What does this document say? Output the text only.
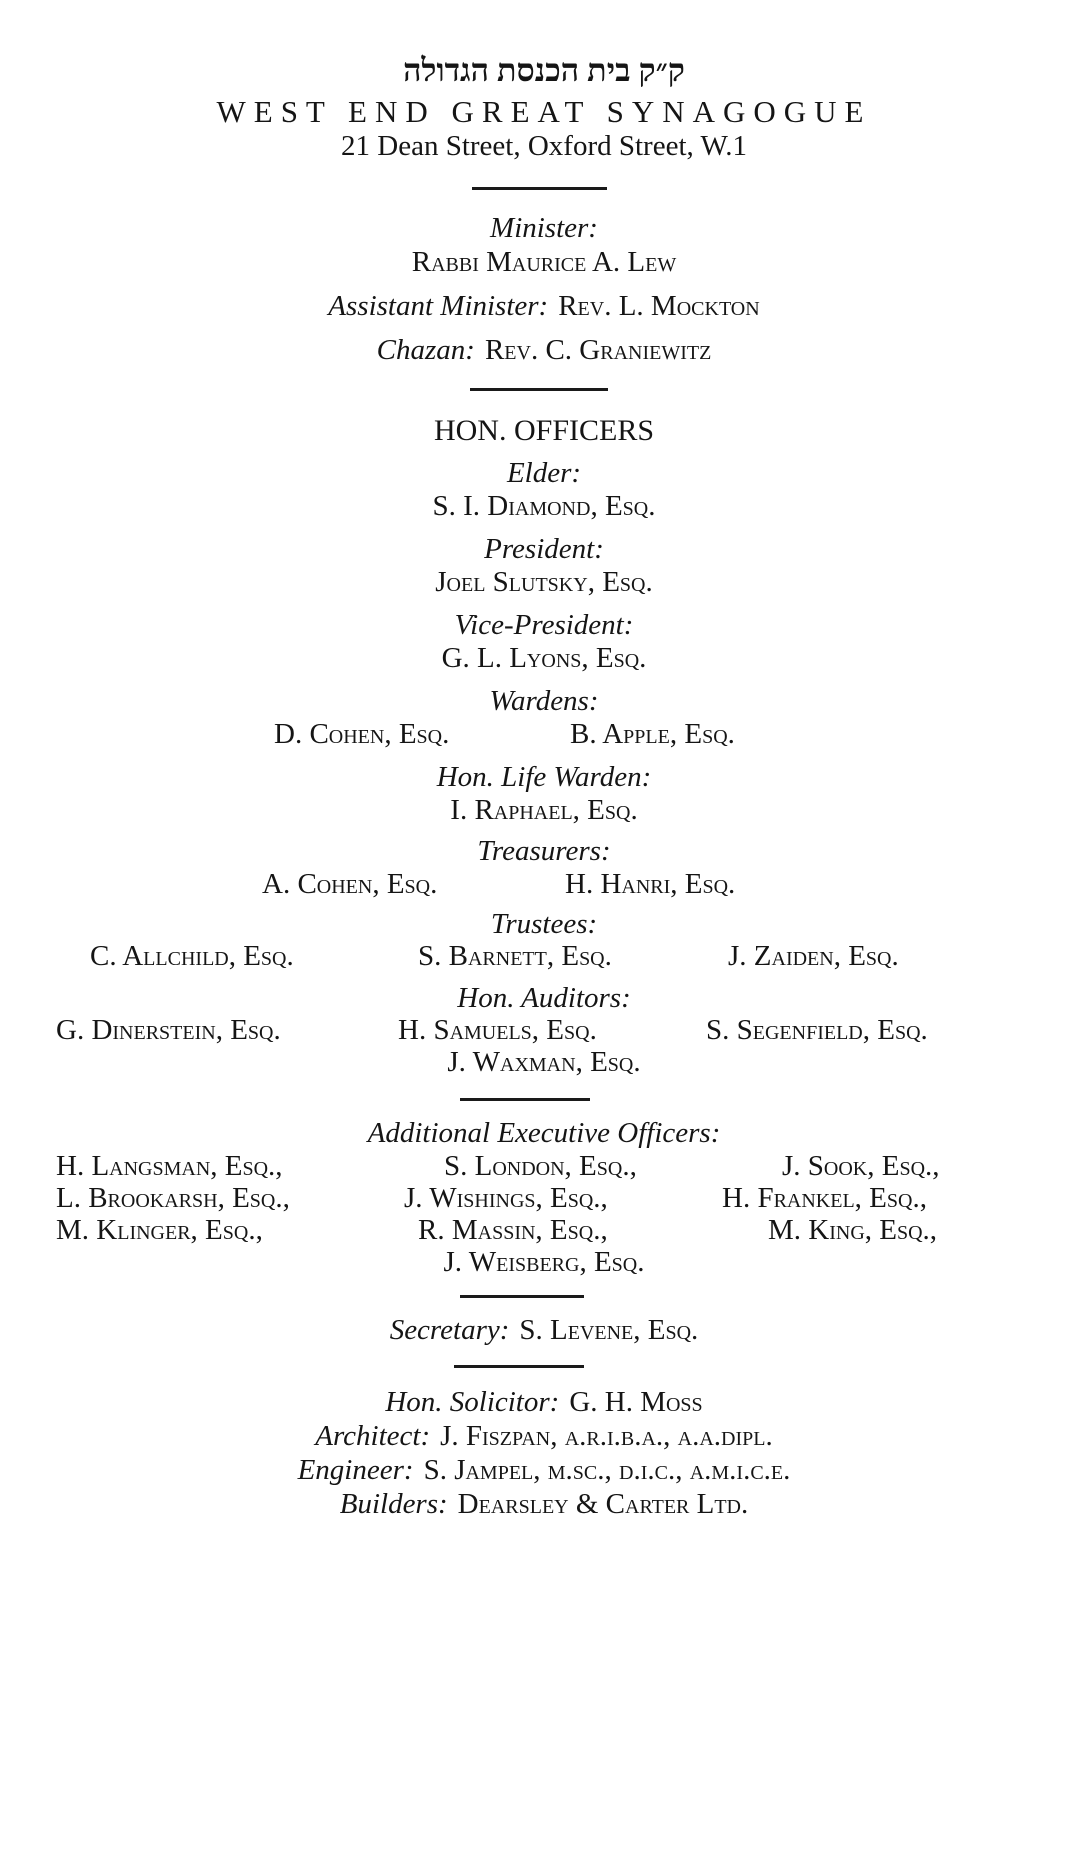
ק״ק בית הכנסת הגדולה
WEST END GREAT SYNAGOGUE
21 Dean Street, Oxford Street, W.1
Minister:
Rabbi Maurice A. Lew
Assistant Minister: Rev. L. Mockton
Chazan: Rev. C. Graniewitz
HON. OFFICERS
Elder:
S. I. Diamond, Esq.
President:
Joel Slutsky, Esq.
Vice-President:
G. L. Lyons, Esq.
Wardens:
D. Cohen, Esq.	B. Apple, Esq.
Hon. Life Warden:
I. Raphael, Esq.
Treasurers:
A. Cohen, Esq.	H. Hanri, Esq.
Trustees:
C. Allchild, Esq.	S. Barnett, Esq.	J. Zaiden, Esq.
Hon. Auditors:
G. Dinerstein, Esq.	H. Samuels, Esq.	S. Segenfield, Esq.
J. Waxman, Esq.
Additional Executive Officers:
H. Langsman, Esq.,	S. London, Esq.,	J. Sook, Esq.,
L. Brookarsh, Esq.,	J. Wishings, Esq.,	H. Frankel, Esq.,
M. Klinger, Esq.,	R. Massin, Esq.,	M. King, Esq.,
J. Weisberg, Esq.
Secretary: S. Levene, Esq.
Hon. Solicitor: G. H. Moss
Architect: J. Fiszpan, a.r.i.b.a., a.a.dipl.
Engineer: S. Jampel, m.sc., d.i.c., a.m.i.c.e.
Builders: Dearsley & Carter Ltd.
